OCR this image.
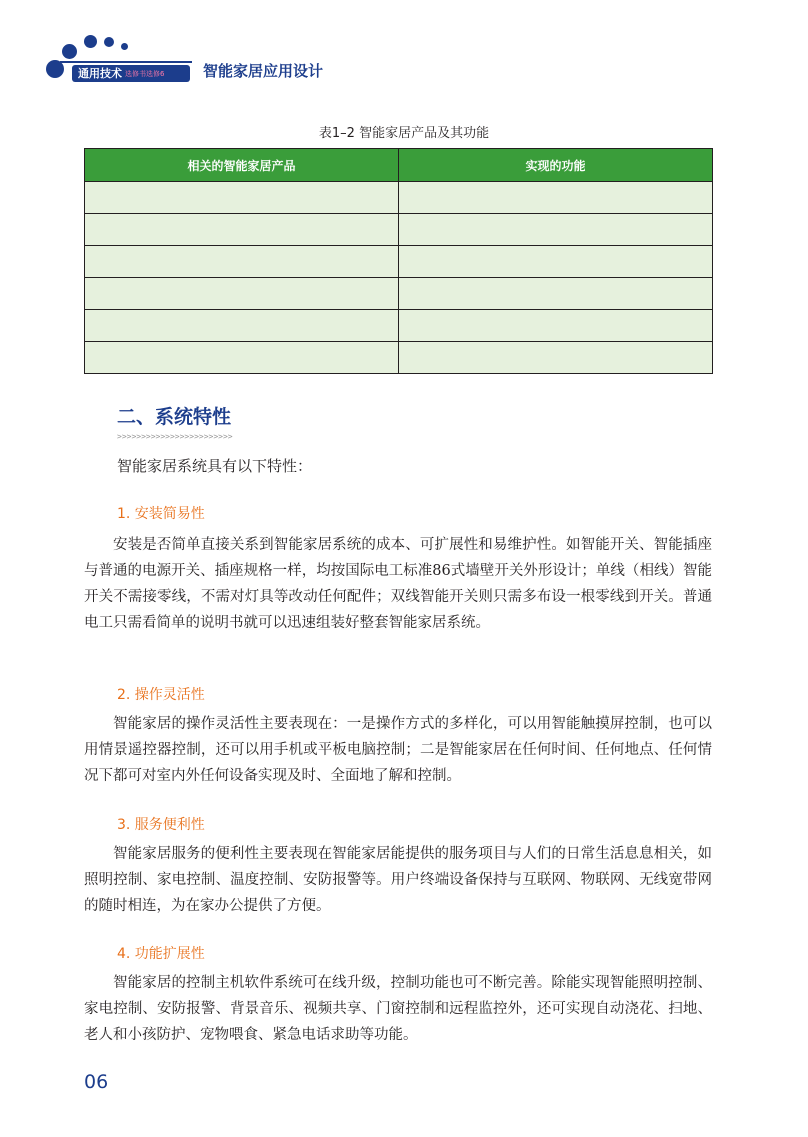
通用技术 选修书选修6	智能家居应用设计
表1–2 智能家居产品及其功能
相关的智能家居产品	实现的功能

二、系统特性
>>>>>>>>>>>>>>>>>>>>>>>>
智能家居系统具有以下特性：
1. 安装简易性

安装是否简单直接关系到智能家居系统的成本、可扩展性和易维护性。如智能开关、智能插座与普通的电源开关、插座规格一样，均按国际电工标准86式墙壁开关外形设计；单线（相线）智能开关不需接零线，不需对灯具等改动任何配件；双线智能开关则只需多布设一根零线到开关。普通电工只需看简单的说明书就可以迅速组装好整套智能家居系统。

2. 操作灵活性

智能家居的操作灵活性主要表现在：一是操作方式的多样化，可以用智能触摸屏控制，也可以用情景遥控器控制，还可以用手机或平板电脑控制；二是智能家居在任何时间、任何地点、任何情况下都可对室内外任何设备实现及时、全面地了解和控制。

3. 服务便利性

智能家居服务的便利性主要表现在智能家居能提供的服务项目与人们的日常生活息息相关，如照明控制、家电控制、温度控制、安防报警等。用户终端设备保持与互联网、物联网、无线宽带网的随时相连，为在家办公提供了方便。

4. 功能扩展性

智能家居的控制主机软件系统可在线升级，控制功能也可不断完善。除能实现智能照明控制、家电控制、安防报警、背景音乐、视频共享、门窗控制和远程监控外，还可实现自动浇花、扫地、老人和小孩防护、宠物喂食、紧急电话求助等功能。

06
